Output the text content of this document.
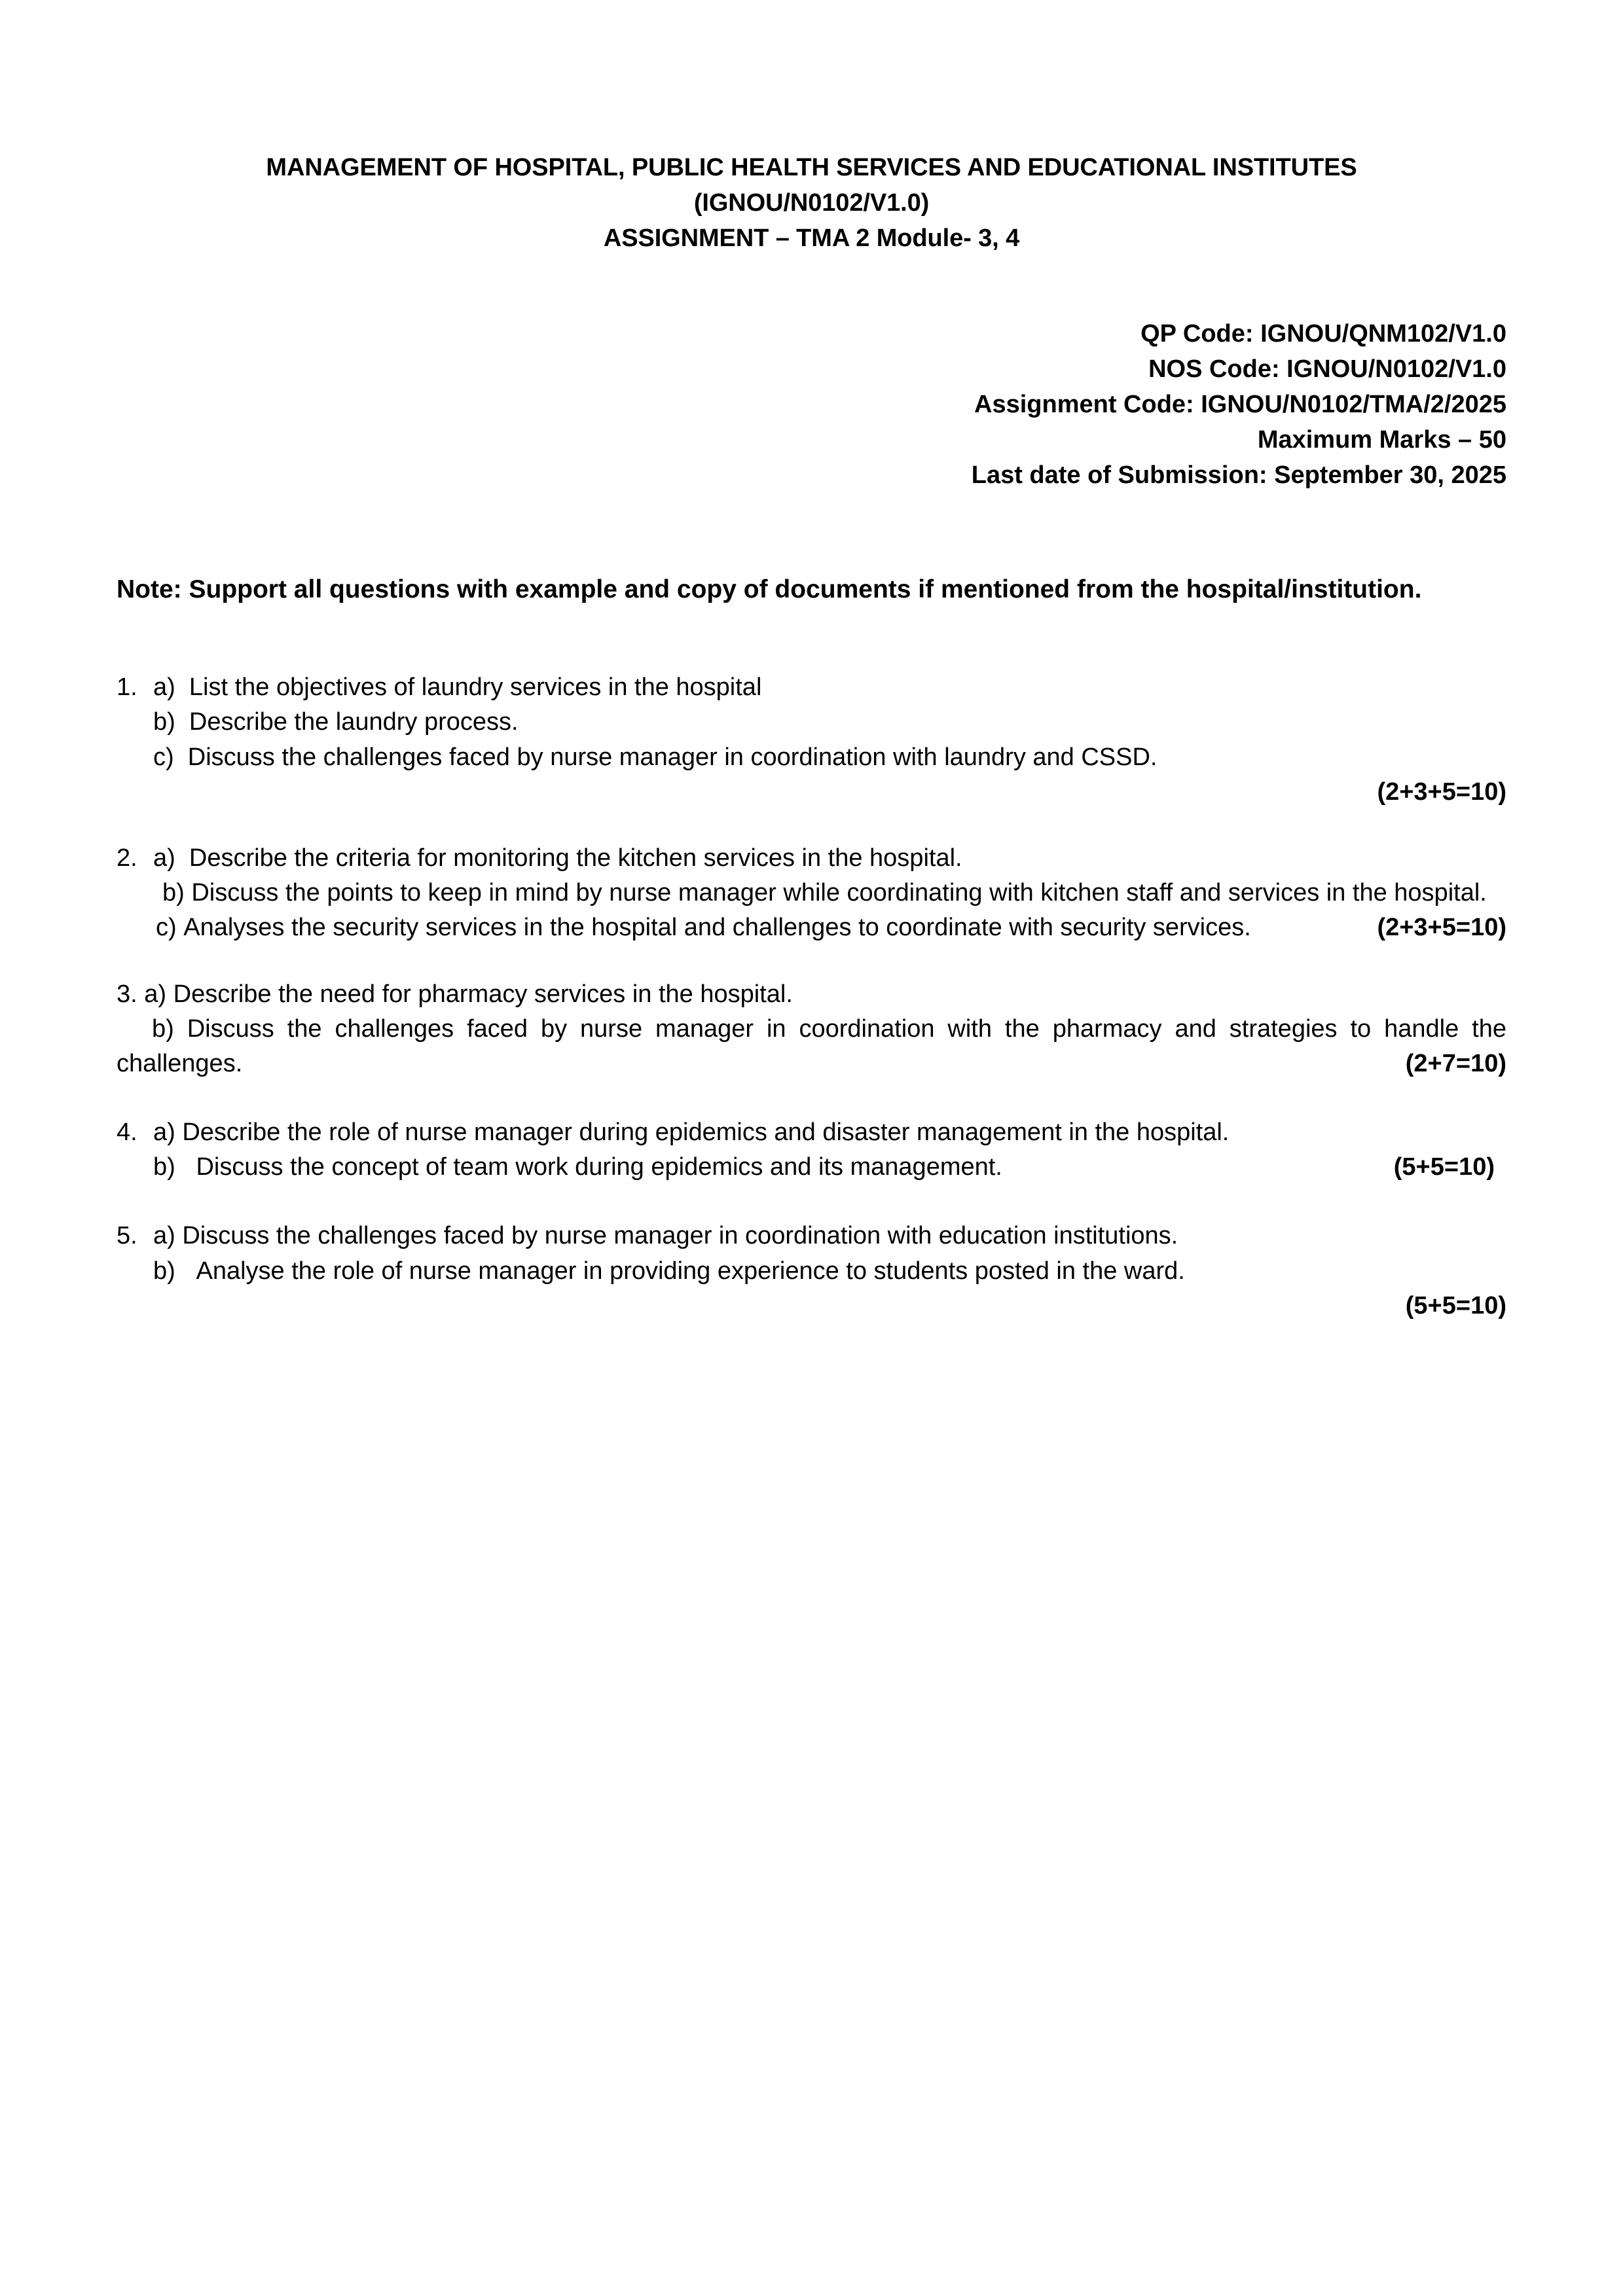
MANAGEMENT OF HOSPITAL, PUBLIC HEALTH SERVICES AND EDUCATIONAL INSTITUTES
(IGNOU/N0102/V1.0)
ASSIGNMENT – TMA 2 Module- 3, 4
QP Code: IGNOU/QNM102/V1.0
NOS Code: IGNOU/N0102/V1.0
Assignment Code: IGNOU/N0102/TMA/2/2025
Maximum Marks – 50
Last date of Submission: September 30, 2025
Note: Support all questions with example and copy of documents if mentioned from the hospital/institution.
1. a) List the objectives of laundry services in the hospital
b) Describe the laundry process.
c) Discuss the challenges faced by nurse manager in coordination with laundry and CSSD.
(2+3+5=10)
2. a) Describe the criteria for monitoring the kitchen services in the hospital.
b) Discuss the points to keep in mind by nurse manager while coordinating with kitchen staff and services in the hospital.
c) Analyses the security services in the hospital and challenges to coordinate with security services.	(2+3+5=10)
3. a) Describe the need for pharmacy services in the hospital.
b) Discuss the challenges faced by nurse manager in coordination with the pharmacy and strategies to handle the challenges.	(2+7=10)
4. a) Describe the role of nurse manager during epidemics and disaster management in the hospital.
b) Discuss the concept of team work during epidemics and its management.	(5+5=10)
5. a) Discuss the challenges faced by nurse manager in coordination with education institutions.
b) Analyse the role of nurse manager in providing experience to students posted in the ward.
(5+5=10)
